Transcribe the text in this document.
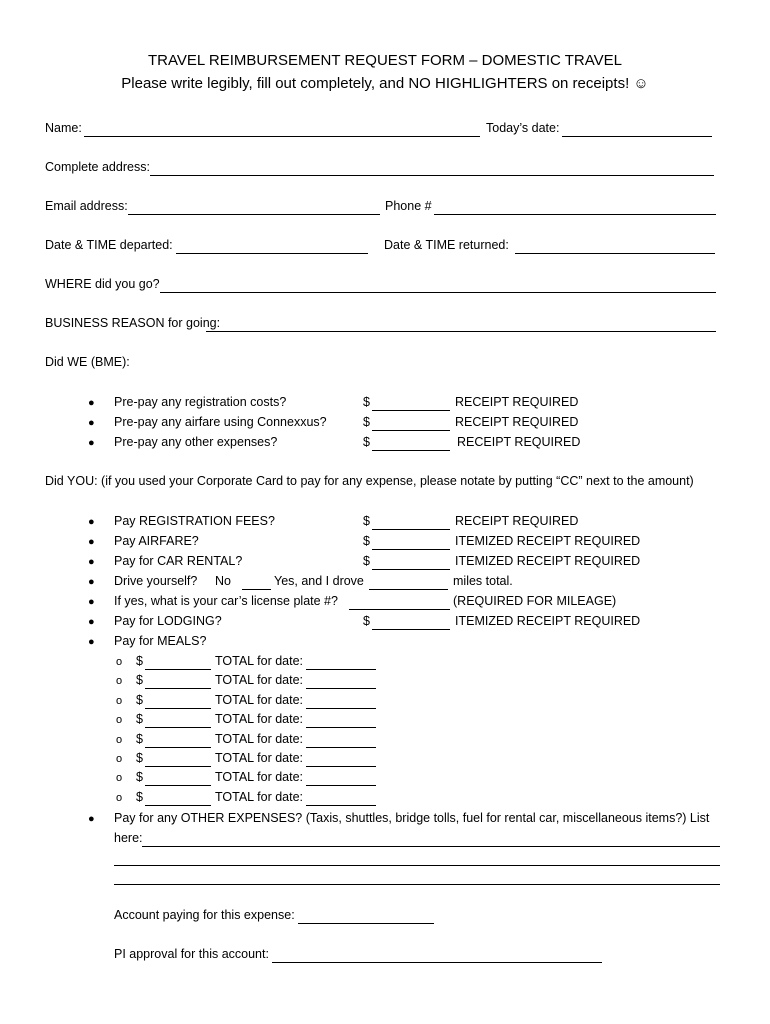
TRAVEL REIMBURSEMENT REQUEST FORM – DOMESTIC TRAVEL
Please write legibly, fill out completely, and NO HIGHLIGHTERS on receipts! ☺
Name:	Today’s date:
Complete address:
Email address:	Phone #
Date & TIME departed:	Date & TIME returned:
WHERE did you go?
BUSINESS REASON for going:
Did WE (BME):
● Pre-pay any registration costs?	$	RECEIPT REQUIRED
● Pre-pay any airfare using Connexxus?	$	RECEIPT REQUIRED
● Pre-pay any other expenses?	$	RECEIPT REQUIRED
Did YOU: (if you used your Corporate Card to pay for any expense, please notate by putting “CC” next to the amount)
● Pay REGISTRATION FEES?	$	RECEIPT REQUIRED
● Pay AIRFARE?	$	ITEMIZED RECEIPT REQUIRED
● Pay for CAR RENTAL?	$	ITEMIZED RECEIPT REQUIRED
● Drive yourself? No	Yes, and I drove	miles total.
● If yes, what is your car’s license plate #?	(REQUIRED FOR MILEAGE)
● Pay for LODGING?	$	ITEMIZED RECEIPT REQUIRED
● Pay for MEALS?
o $	TOTAL for date:
o $	TOTAL for date:
o $	TOTAL for date:
o $	TOTAL for date:
o $	TOTAL for date:
o $	TOTAL for date:
o $	TOTAL for date:
o $	TOTAL for date:
● Pay for any OTHER EXPENSES? (Taxis, shuttles, bridge tolls, fuel for rental car, miscellaneous items?) List
here:
Account paying for this expense:
PI approval for this account:
